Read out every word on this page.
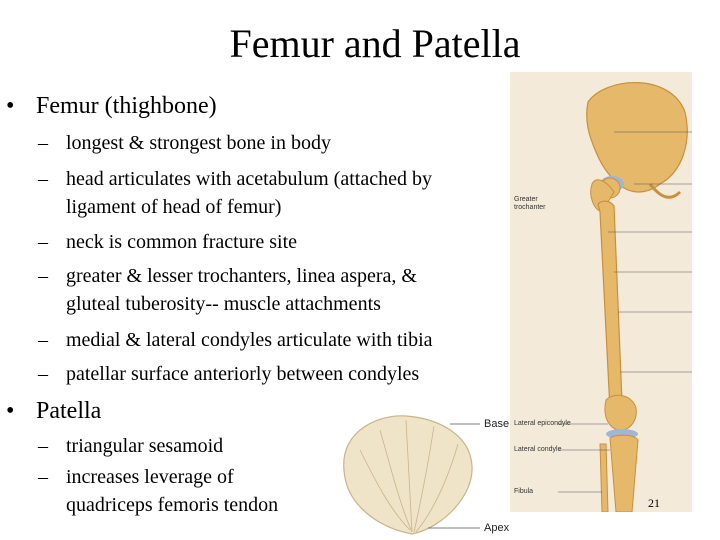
Femur and Patella
• Femur (thighbone)
– longest & strongest bone in body
– head articulates with acetabulum (attached by
ligament of head of femur)
– neck is common fracture site
– greater & lesser trochanters, linea aspera, &
gluteal tuberosity-- muscle attachments
– medial & lateral condyles articulate with tibia
– patellar surface anteriorly between condyles
• Patella
– triangular sesamoid
– increases leverage of
quadriceps femoris tendon
Greater
trochanter
Lateral epicondyle
Lateral condyle
Fibula
Base
Apex
21
